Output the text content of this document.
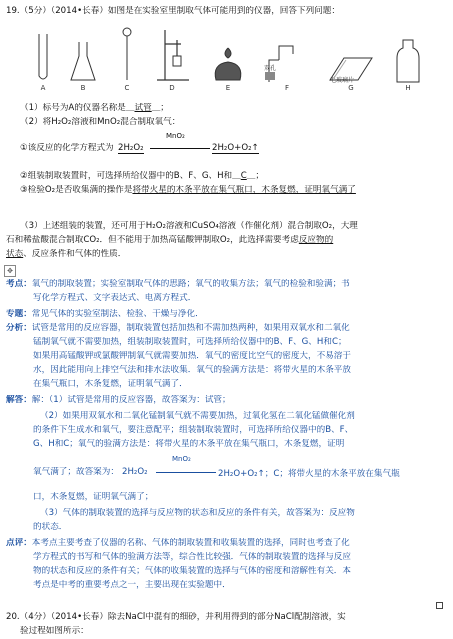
19.（5分）（2014•长春）如图是在实验室里制取气体可能用到的仪器，回答下列问题：
A	B	C	D	E
双孔
F
毛玻璃片
G	H
（1）标号为A的仪器名称是＿试管＿；
（2）将H₂O₂溶液和MnO₂混合制取氧气：
①该反应的化学方程式为 2H₂O₂
MnO₂
2H₂O+O₂↑
②组装制取装置时，可选择所给仪器中的B、F、G、H和＿C＿；
③检验O₂是否收集满的操作是将带火星的木条平放在集气瓶口，木条复燃，证明氧气满了
（3）上述组装的装置，还可用于H₂O₂溶液和CuSO₄溶液（作催化剂）混合制取O₂，大理
石和稀盐酸混合制取CO₂．但不能用于加热高锰酸钾制取O₂，此选择需要考虑反应物的
状态、反应条件和气体的性质．
✥
考点：氧气的制取装置；实验室制取气体的思路；氧气的收集方法；氧气的检验和验满；书
写化学方程式、文字表达式、电离方程式．
专题：常见气体的实验室制法、检验、干燥与净化．
分析：试管是常用的反应容器，制取装置包括加热和不需加热两种，如果用双氧水和二氧化
锰制氧气就不需要加热，组装制取装置时，可选择所给仪器中的B、F、G、H和C；
如果用高锰酸钾或氯酸钾制氧气就需要加热．氧气的密度比空气的密度大，不易溶于
水，因此能用向上排空气法和排水法收集．氧气的验满方法是：将带火星的木条平放
在集气瓶口，木条复燃，证明氧气满了．
解答：解：（1）试管是常用的反应容器，故答案为：试管；
（2）如果用双氧水和二氧化锰制氧气就不需要加热，过氧化氢在二氧化锰做催化剂
的条件下生成水和氧气，要注意配平；组装制取装置时，可选择所给仪器中的B、F、
G、H和C；氧气的验满方法是：将带火星的木条平放在集气瓶口，木条复燃，证明
氧气满了；故答案为： 2H₂O₂
MnO₂
2H₂O+O₂↑；C；将带火星的木条平放在集气瓶
口，木条复燃，证明氧气满了；
（3）气体的制取装置的选择与反应物的状态和反应的条件有关，故答案为：反应物
的状态．
点评：本考点主要考查了仪器的名称、气体的制取装置和收集装置的选择，同时也考查了化
学方程式的书写和气体的验满方法等，综合性比较强．气体的制取装置的选择与反应
物的状态和反应的条件有关；气体的收集装置的选择与气体的密度和溶解性有关．本
考点是中考的重要考点之一，主要出现在实验题中．
20.（4分）（2014•长春）除去NaCl中混有的细砂，并利用得到的部分NaCl配制溶液，实
验过程如图所示：
